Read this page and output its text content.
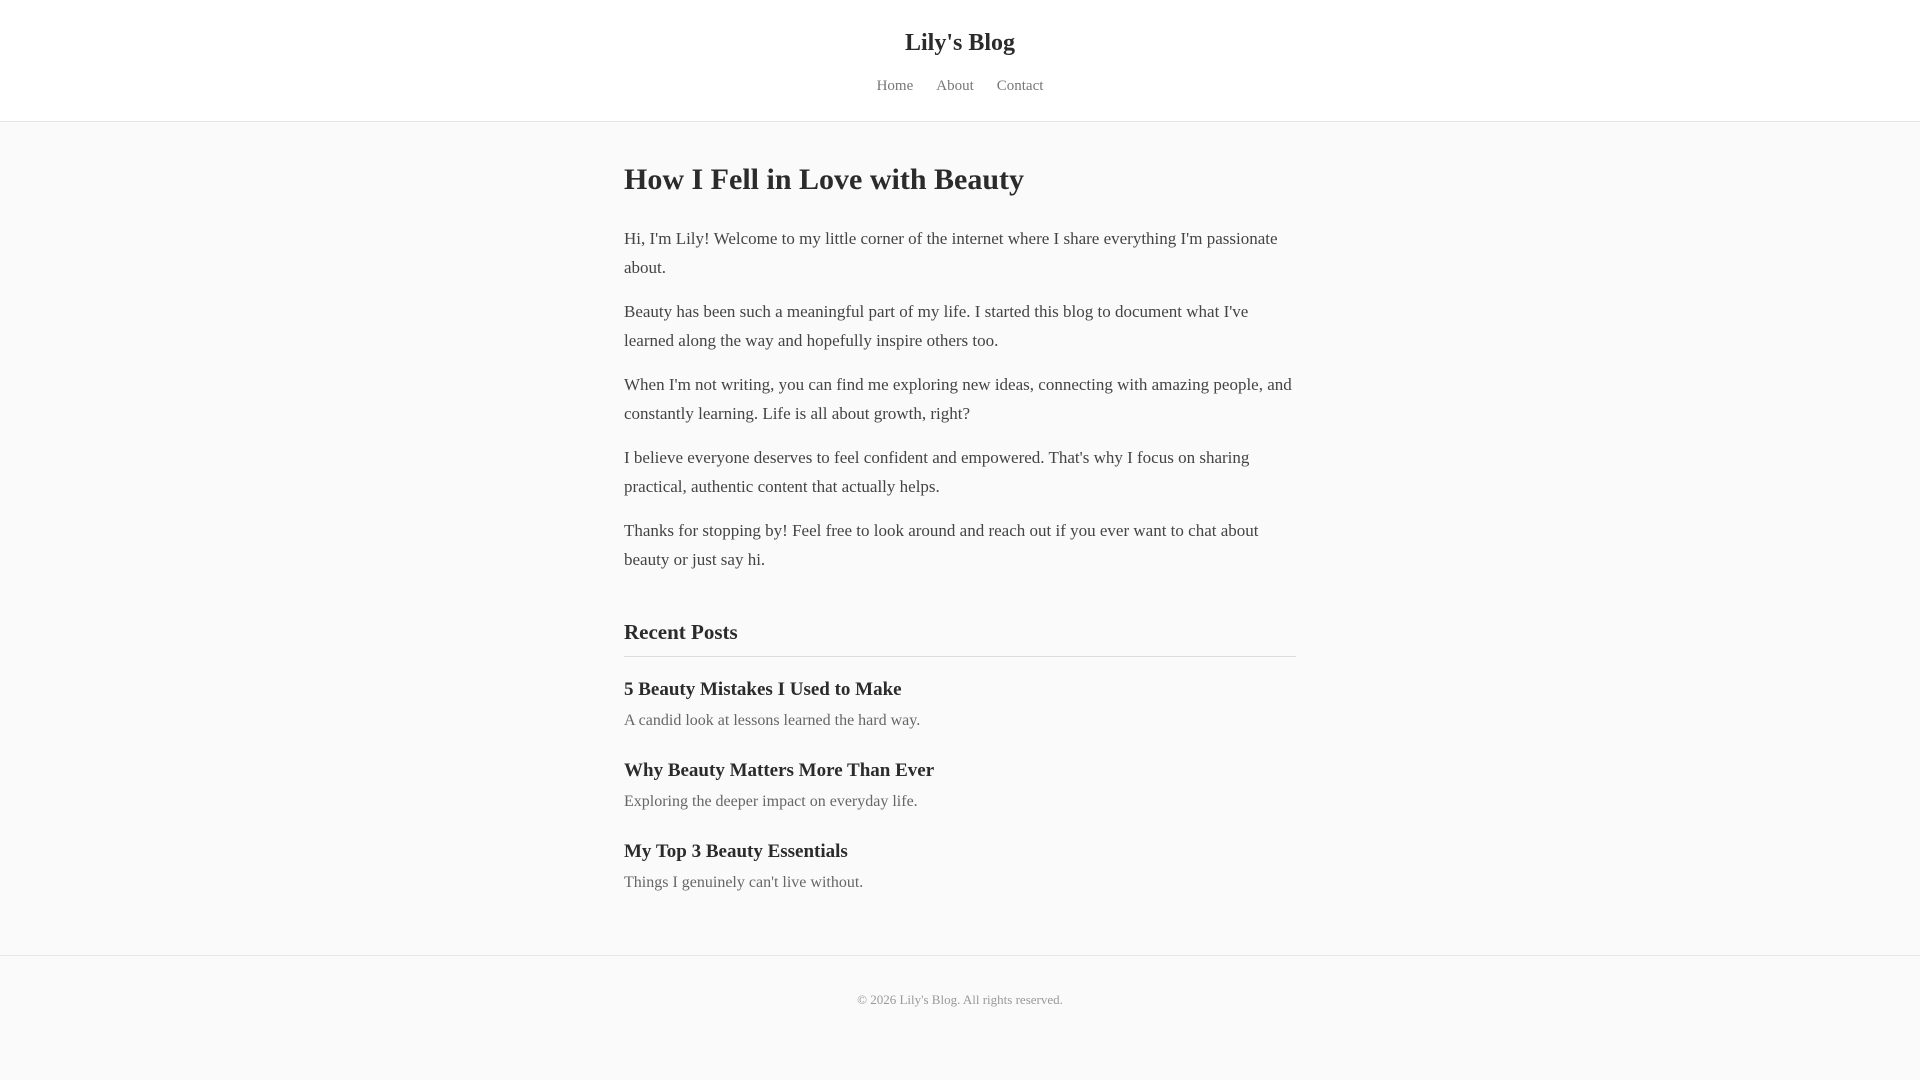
Lily's Blog
Home About Contact
How I Fell in Love with Beauty

Hi, I'm Lily! Welcome to my little corner of the internet where I share everything I'm passionate about.

Beauty has been such a meaningful part of my life. I started this blog to document what I've learned along the way and hopefully inspire others too.

When I'm not writing, you can find me exploring new ideas, connecting with amazing people, and constantly learning. Life is all about growth, right?

I believe everyone deserves to feel confident and empowered. That's why I focus on sharing practical, authentic content that actually helps.

Thanks for stopping by! Feel free to look around and reach out if you ever want to chat about beauty or just say hi.

Recent Posts
5 Beauty Mistakes I Used to Make
A candid look at lessons learned the hard way.
Why Beauty Matters More Than Ever
Exploring the deeper impact on everyday life.
My Top 3 Beauty Essentials
Things I genuinely can't live without.
© 2026 Lily's Blog. All rights reserved.
